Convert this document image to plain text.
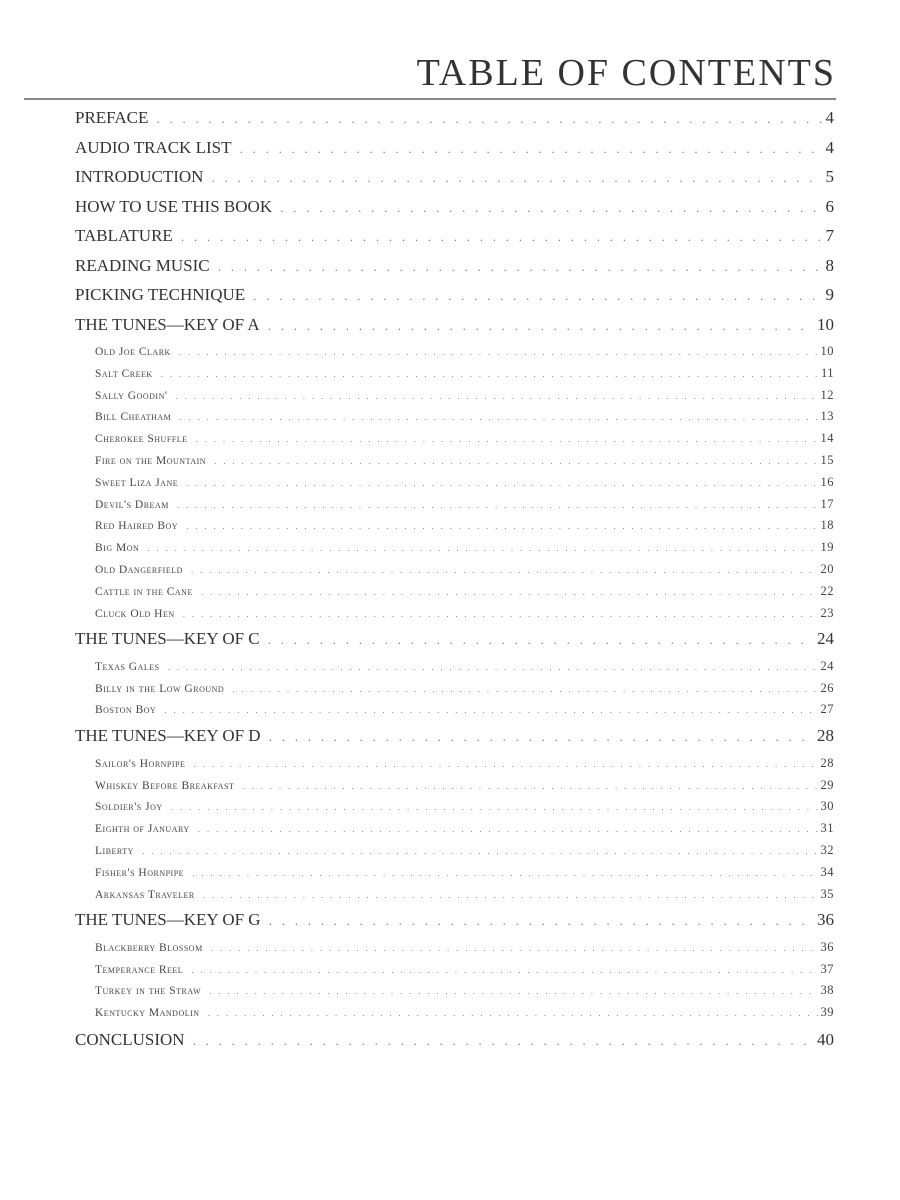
TABLE OF CONTENTS
PREFACE . . .	4
AUDIO TRACK LIST . . .	4
INTRODUCTION . . .	5
HOW TO USE THIS BOOK . . .	6
TABLATURE . . .	7
READING MUSIC . . .	8
PICKING TECHNIQUE . . .	9
THE TUNES—KEY OF A . . .	10
Old Joe Clark . . .	10
Salt Creek . . .	11
Sally Goodin' . . .	12
Bill Cheatham . . .	13
Cherokee Shuffle . . .	14
Fire on the Mountain . . .	15
Sweet Liza Jane . . .	16
Devil's Dream . . .	17
Red Haired Boy . . .	18
Big Mon . . .	19
Old Dangerfield . . .	20
Cattle in the Cane . . .	22
Cluck Old Hen . . .	23
THE TUNES—KEY OF C . . .	24
Texas Gales . . .	24
Billy in the Low Ground . . .	26
Boston Boy . . .	27
THE TUNES—KEY OF D . . .	28
Sailor's Hornpipe . . .	28
Whiskey Before Breakfast . . .	29
Soldier's Joy . . .	30
Eighth of January . . .	31
Liberty . . .	32
Fisher's Hornpipe . . .	34
Arkansas Traveler . . .	35
THE TUNES—KEY OF G . . .	36
Blackberry Blossom . . .	36
Temperance Reel . . .	37
Turkey in the Straw . . .	38
Kentucky Mandolin . . .	39
CONCLUSION . . .	40
